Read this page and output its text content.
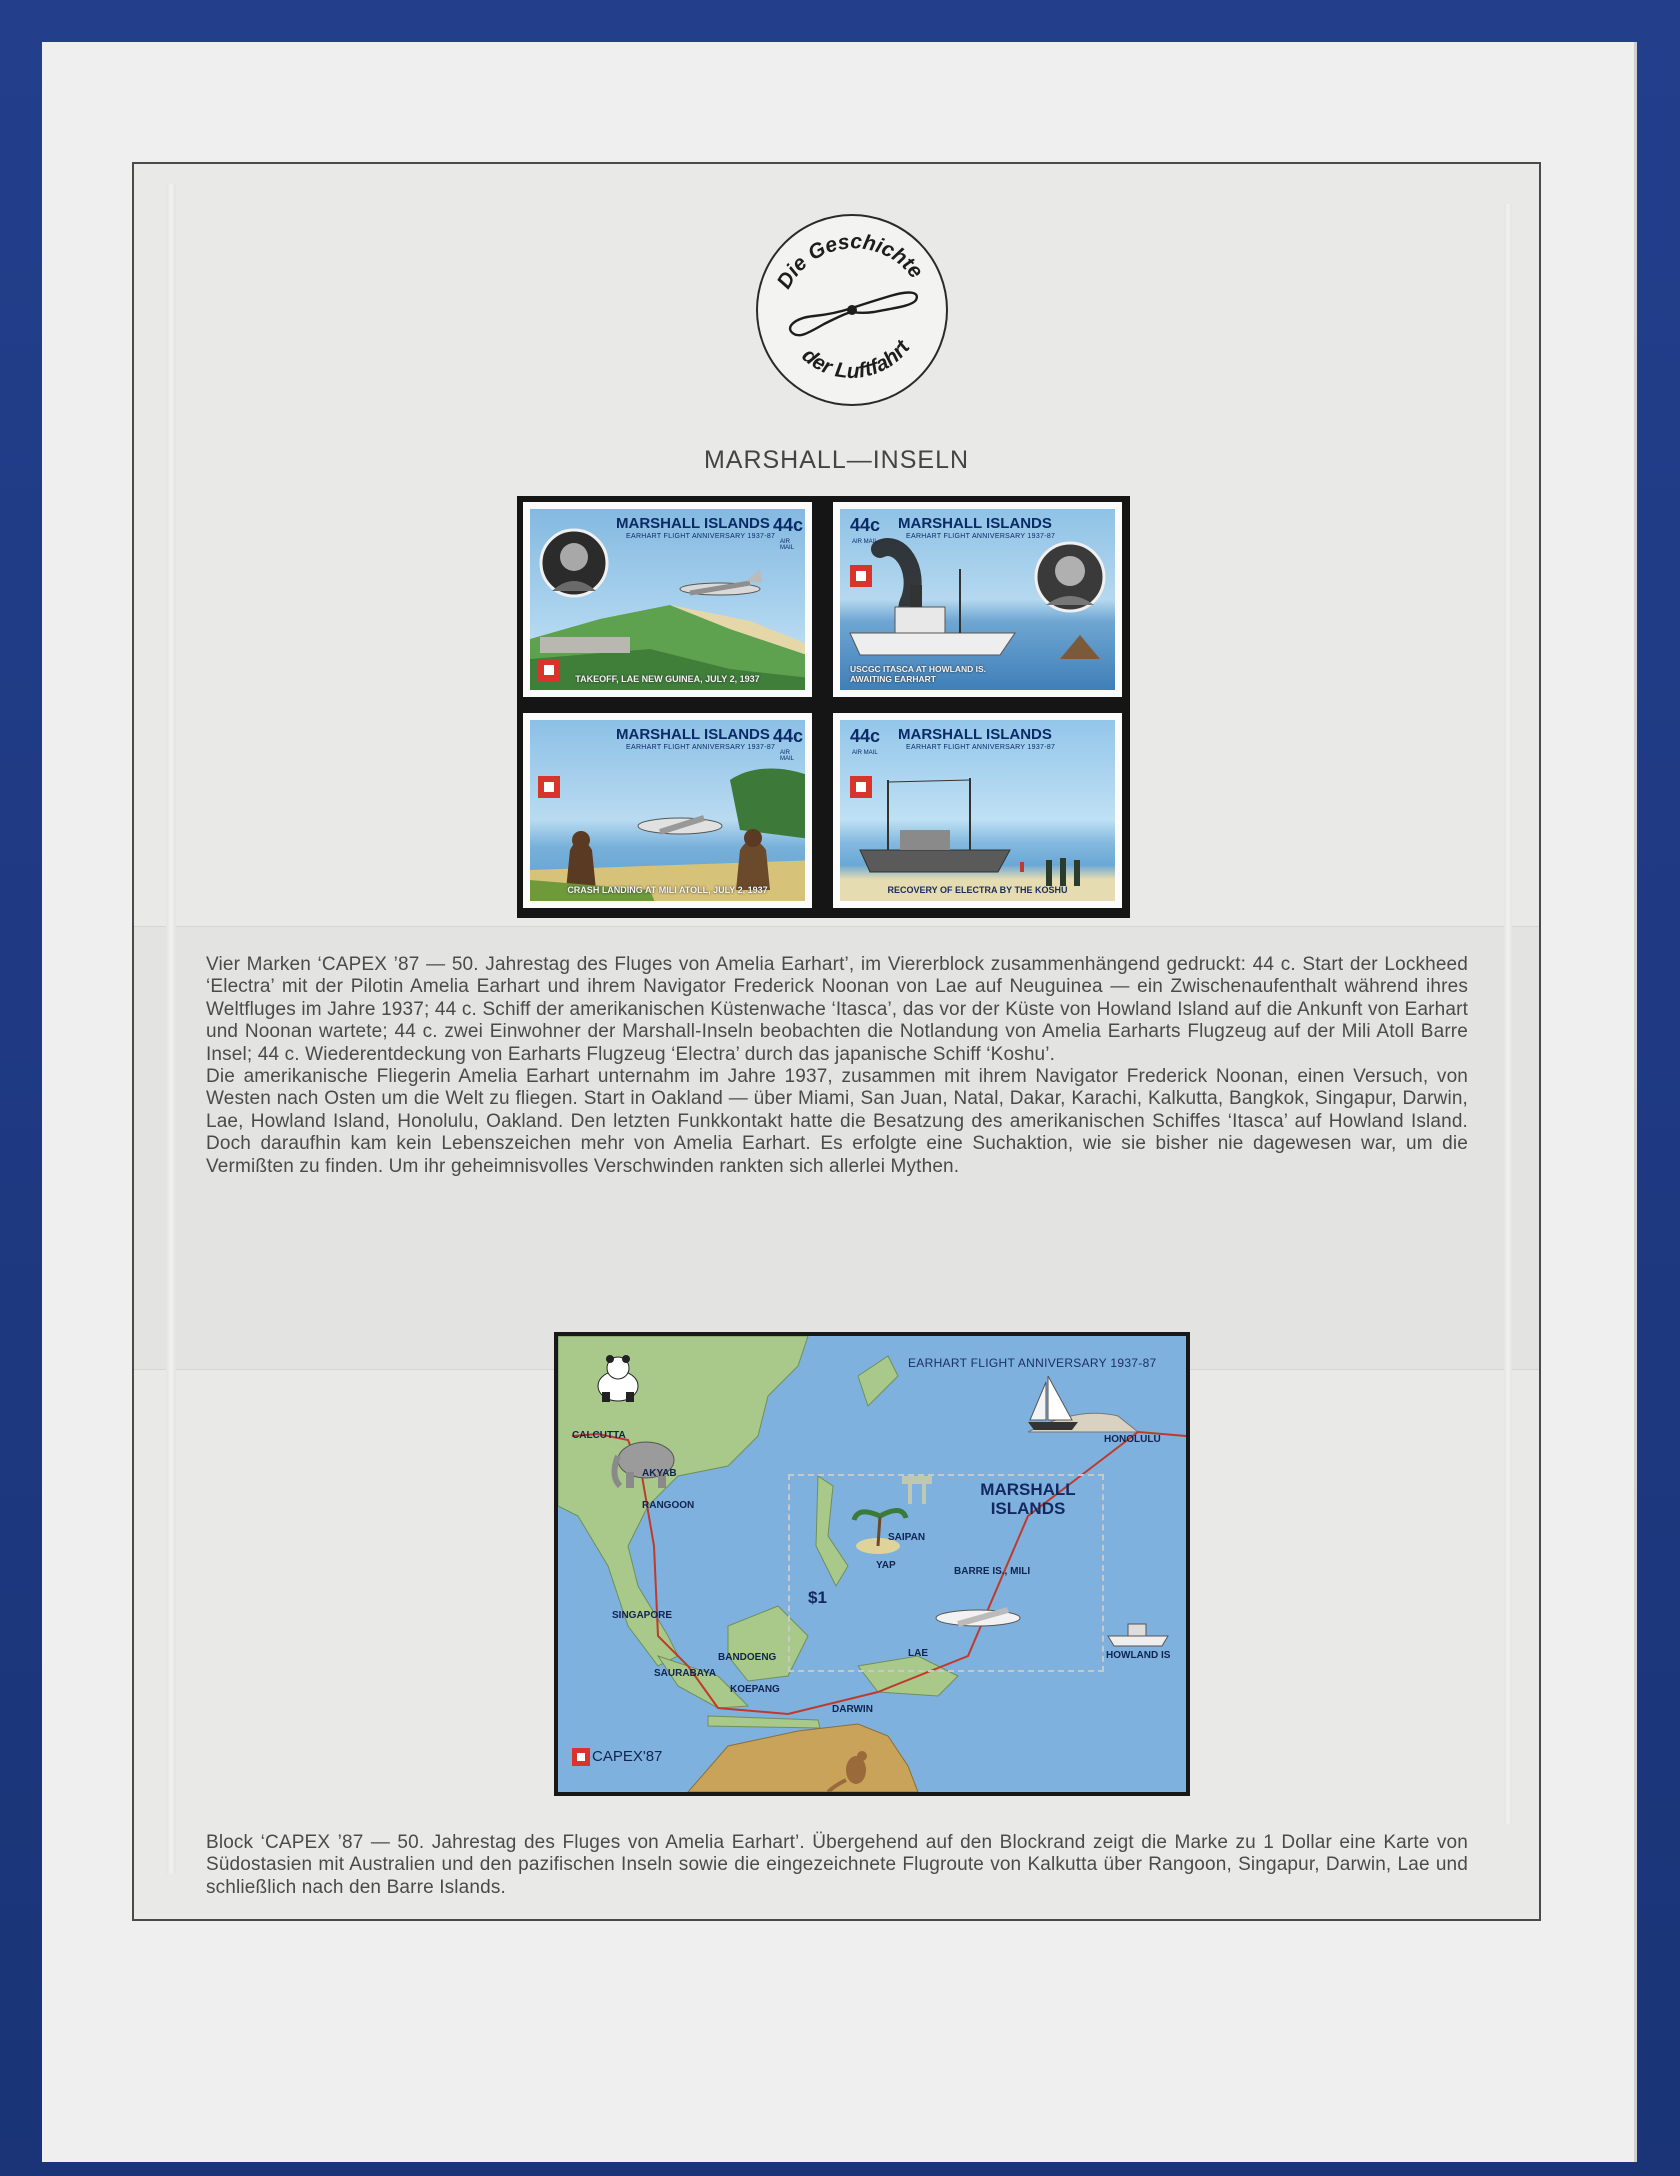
Die Geschichte
der Luftfahrt
MARSHALL—INSELN
MARSHALL ISLANDS 44c
EARHART FLIGHT ANNIVERSARY 1937-87
AIR MAIL
TAKEOFF, LAE NEW GUINEA, JULY 2, 1937
44c MARSHALL ISLANDS
EARHART FLIGHT ANNIVERSARY 1937-87
AIR MAIL
USCGC ITASCA AT HOWLAND IS. AWAITING EARHART
MARSHALL ISLANDS 44c
EARHART FLIGHT ANNIVERSARY 1937-87
AIR MAIL
CRASH LANDING AT MILI ATOLL, JULY 2, 1937
44c MARSHALL ISLANDS
EARHART FLIGHT ANNIVERSARY 1937-87
AIR MAIL
RECOVERY OF ELECTRA BY THE KOSHU

Vier Marken ‘CAPEX ’87 — 50. Jahrestag des Fluges von Amelia Earhart’, im Viererblock zusammenhängend gedruckt: 44 c. Start der Lockheed ‘Electra’ mit der Pilotin Amelia Earhart und ihrem Navigator Frederick Noonan von Lae auf Neuguinea — ein Zwischenaufenthalt während ihres Weltfluges im Jahre 1937; 44 c. Schiff der amerikanischen Küstenwache ‘Itasca’, das vor der Küste von Howland Island auf die Ankunft von Earhart und Noonan wartete; 44 c. zwei Einwohner der Marshall-Inseln beobachten die Notlandung von Amelia Earharts Flugzeug auf der Mili Atoll Barre Insel; 44 c. Wiederentdeckung von Earharts Flugzeug ‘Electra’ durch das japanische Schiff ‘Koshu’.

Die amerikanische Fliegerin Amelia Earhart unternahm im Jahre 1937, zusammen mit ihrem Navigator Frederick Noonan, einen Versuch, von Westen nach Osten um die Welt zu fliegen. Start in Oakland — über Miami, San Juan, Natal, Dakar, Karachi, Kalkutta, Bangkok, Singapur, Darwin, Lae, Howland Island, Honolulu, Oakland. Den letzten Funkkontakt hatte die Besatzung des amerikanischen Schiffes ‘Itasca’ auf Howland Island. Doch daraufhin kam kein Lebenszeichen mehr von Amelia Earhart. Es erfolgte eine Suchaktion, wie sie bisher nie dagewesen war, um die Vermißten zu finden. Um ihr geheimnisvolles Verschwinden rankten sich allerlei Mythen.

EARHART FLIGHT ANNIVERSARY 1937-87
MARSHALL ISLANDS
$1
CALCUTTA
AKYAB
RANGOON
SINGAPORE
BANDOENG
SAURABAYA
KOEPANG
DARWIN
LAE
SAIPAN
YAP
BARRE IS., MILI
HONOLULU
HOWLAND IS
CAPEX'87

Block ‘CAPEX ’87 — 50. Jahrestag des Fluges von Amelia Earhart’. Übergehend auf den Blockrand zeigt die Marke zu 1 Dollar eine Karte von Südostasien mit Australien und den pazifischen Inseln sowie die eingezeichnete Flugroute von Kalkutta über Rangoon, Singapur, Darwin, Lae und schließlich nach den Barre Islands.
